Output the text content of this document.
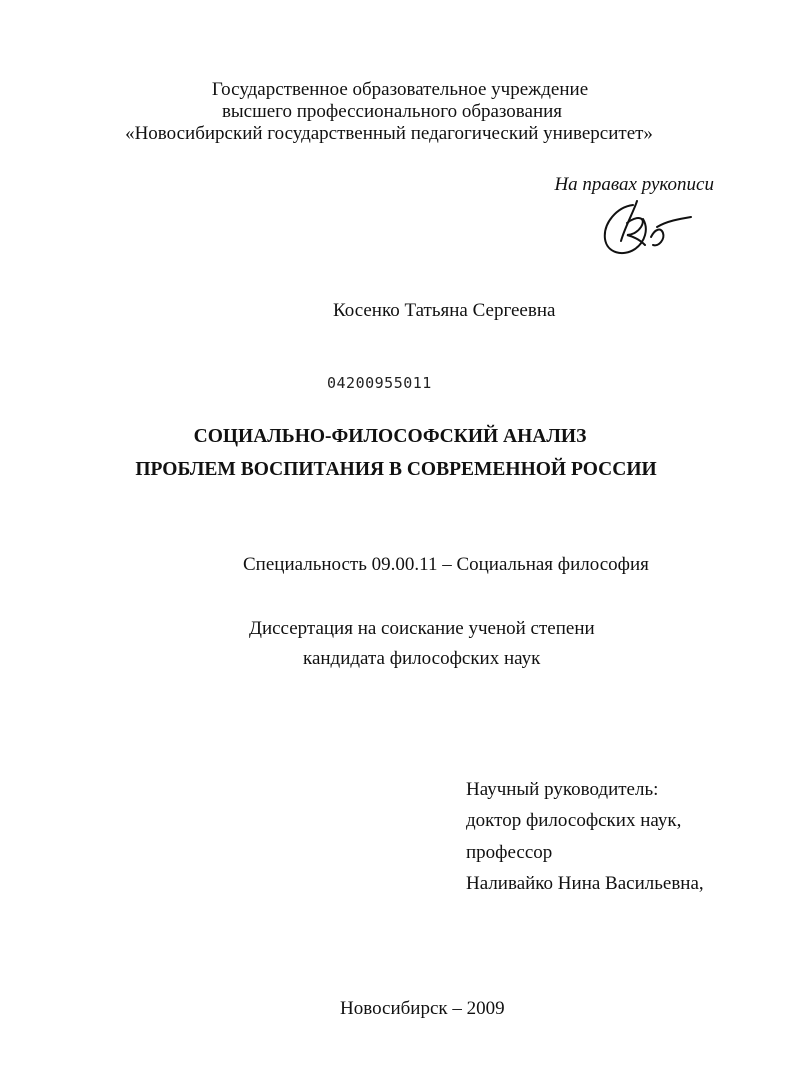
Государственное образовательное учреждение
высшего профессионального образования
«Новосибирский государственный педагогический университет»
На правах рукописи
Косенко Татьяна Сергеевна
04200955011
СОЦИАЛЬНО-ФИЛОСОФСКИЙ АНАЛИЗ
ПРОБЛЕМ ВОСПИТАНИЯ В СОВРЕМЕННОЙ РОССИИ
Специальность 09.00.11 – Социальная философия
Диссертация на соискание ученой степени
кандидата философских наук
Научный руководитель:
доктор философских наук,
профессор
Наливайко Нина Васильевна,
Новосибирск – 2009
